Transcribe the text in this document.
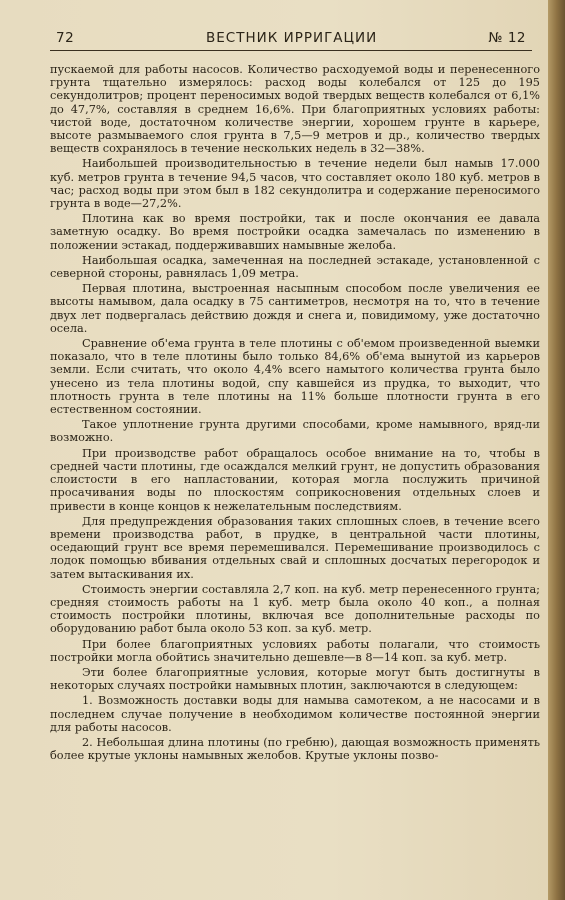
72	ВЕСТНИК ИРРИГАЦИИ	№ 12

пускаемой для работы насосов. Количество расходуемой воды и перенесенного грунта тщательно измерялось: расход воды колебался от 125 до 195 секундолитров; процент переносимых водой твердых веществ колебался от 6,1% до 47,7%, составляя в среднем 16,6%. При благоприятных условиях работы: чистой воде, достаточном количестве энергии, хорошем грунте в карьере, высоте размываемого слоя грунта в 7,5—9 метров и др., количество твердых веществ сохранялось в течение нескольких недель в 32—38%.

Наибольшей производительностью в течение недели был намыв 17.000 куб. метров грунта в течение 94,5 часов, что составляет около 180 куб. метров в час; расход воды при этом был в 182 секундолитра и содержание переносимого грунта в воде—27,2%.

Плотина как во время постройки, так и после окончания ее давала заметную осадку. Во время постройки осадка замечалась по изменению в положении эстакад, поддерживавших намывные желоба.

Наибольшая осадка, замеченная на последней эстакаде, установленной с северной стороны, равнялась 1,09 метра.

Первая плотина, выстроенная насыпным способом после увеличения ее высоты намывом, дала осадку в 75 сантиметров, несмотря на то, что в течение двух лет подвергалась действию дождя и снега и, повидимому, уже достаточно осела.

Сравнение об'ема грунта в теле плотины с об'емом произведенной выемки показало, что в теле плотины было только 84,6% об'ема вынутой из карьеров земли. Если считать, что около 4,4% всего намытого количества грунта было унесено из тела плотины водой, спу кавшейся из прудка, то выходит, что плотность грунта в теле плотины на 11% больше плотности грунта в его естественном состоянии.

Такое уплотнение грунта другими способами, кроме намывного, вряд-ли возможно.

При производстве работ обращалось особое внимание на то, чтобы в средней части плотины, где осаждался мелкий грунт, не допустить образования слоистости в его напластовании, которая могла послужить причиной просачивания воды по плоскостям соприкосновения отдельных слоев и привести в конце концов к нежелательным последствиям.

Для предупреждения образования таких сплошных слоев, в течение всего времени производства работ, в прудке, в центральной части плотины, оседающий грунт все время перемешивался. Перемешивание производилось с лодок помощью вбивания отдельных свай и сплошных досчатых перегородок и затем вытаскивания их.

Стоимость энергии составляла 2,7 коп. на куб. метр перенесенного грунта; средняя стоимость работы на 1 куб. метр была около 40 коп., а полная стоимость постройки плотины, включая все дополнительные расходы по оборудованию работ была около 53 коп. за куб. метр.

При более благоприятных условиях работы полагали, что стоимость постройки могла обойтись значительно дешевле—в 8—14 коп. за куб. метр.

Эти более благоприятные условия, которые могут быть достигнуты в некоторых случаях постройки намывных плотин, заключаются в следующем:

1. Возможность доставки воды для намыва самотеком, а не насосами и в последнем случае получение в необходимом количестве постоянной энергии для работы насосов.

2. Небольшая длина плотины (по гребню), дающая возможность применять более крутые уклоны намывных желобов. Крутые уклоны позво-
